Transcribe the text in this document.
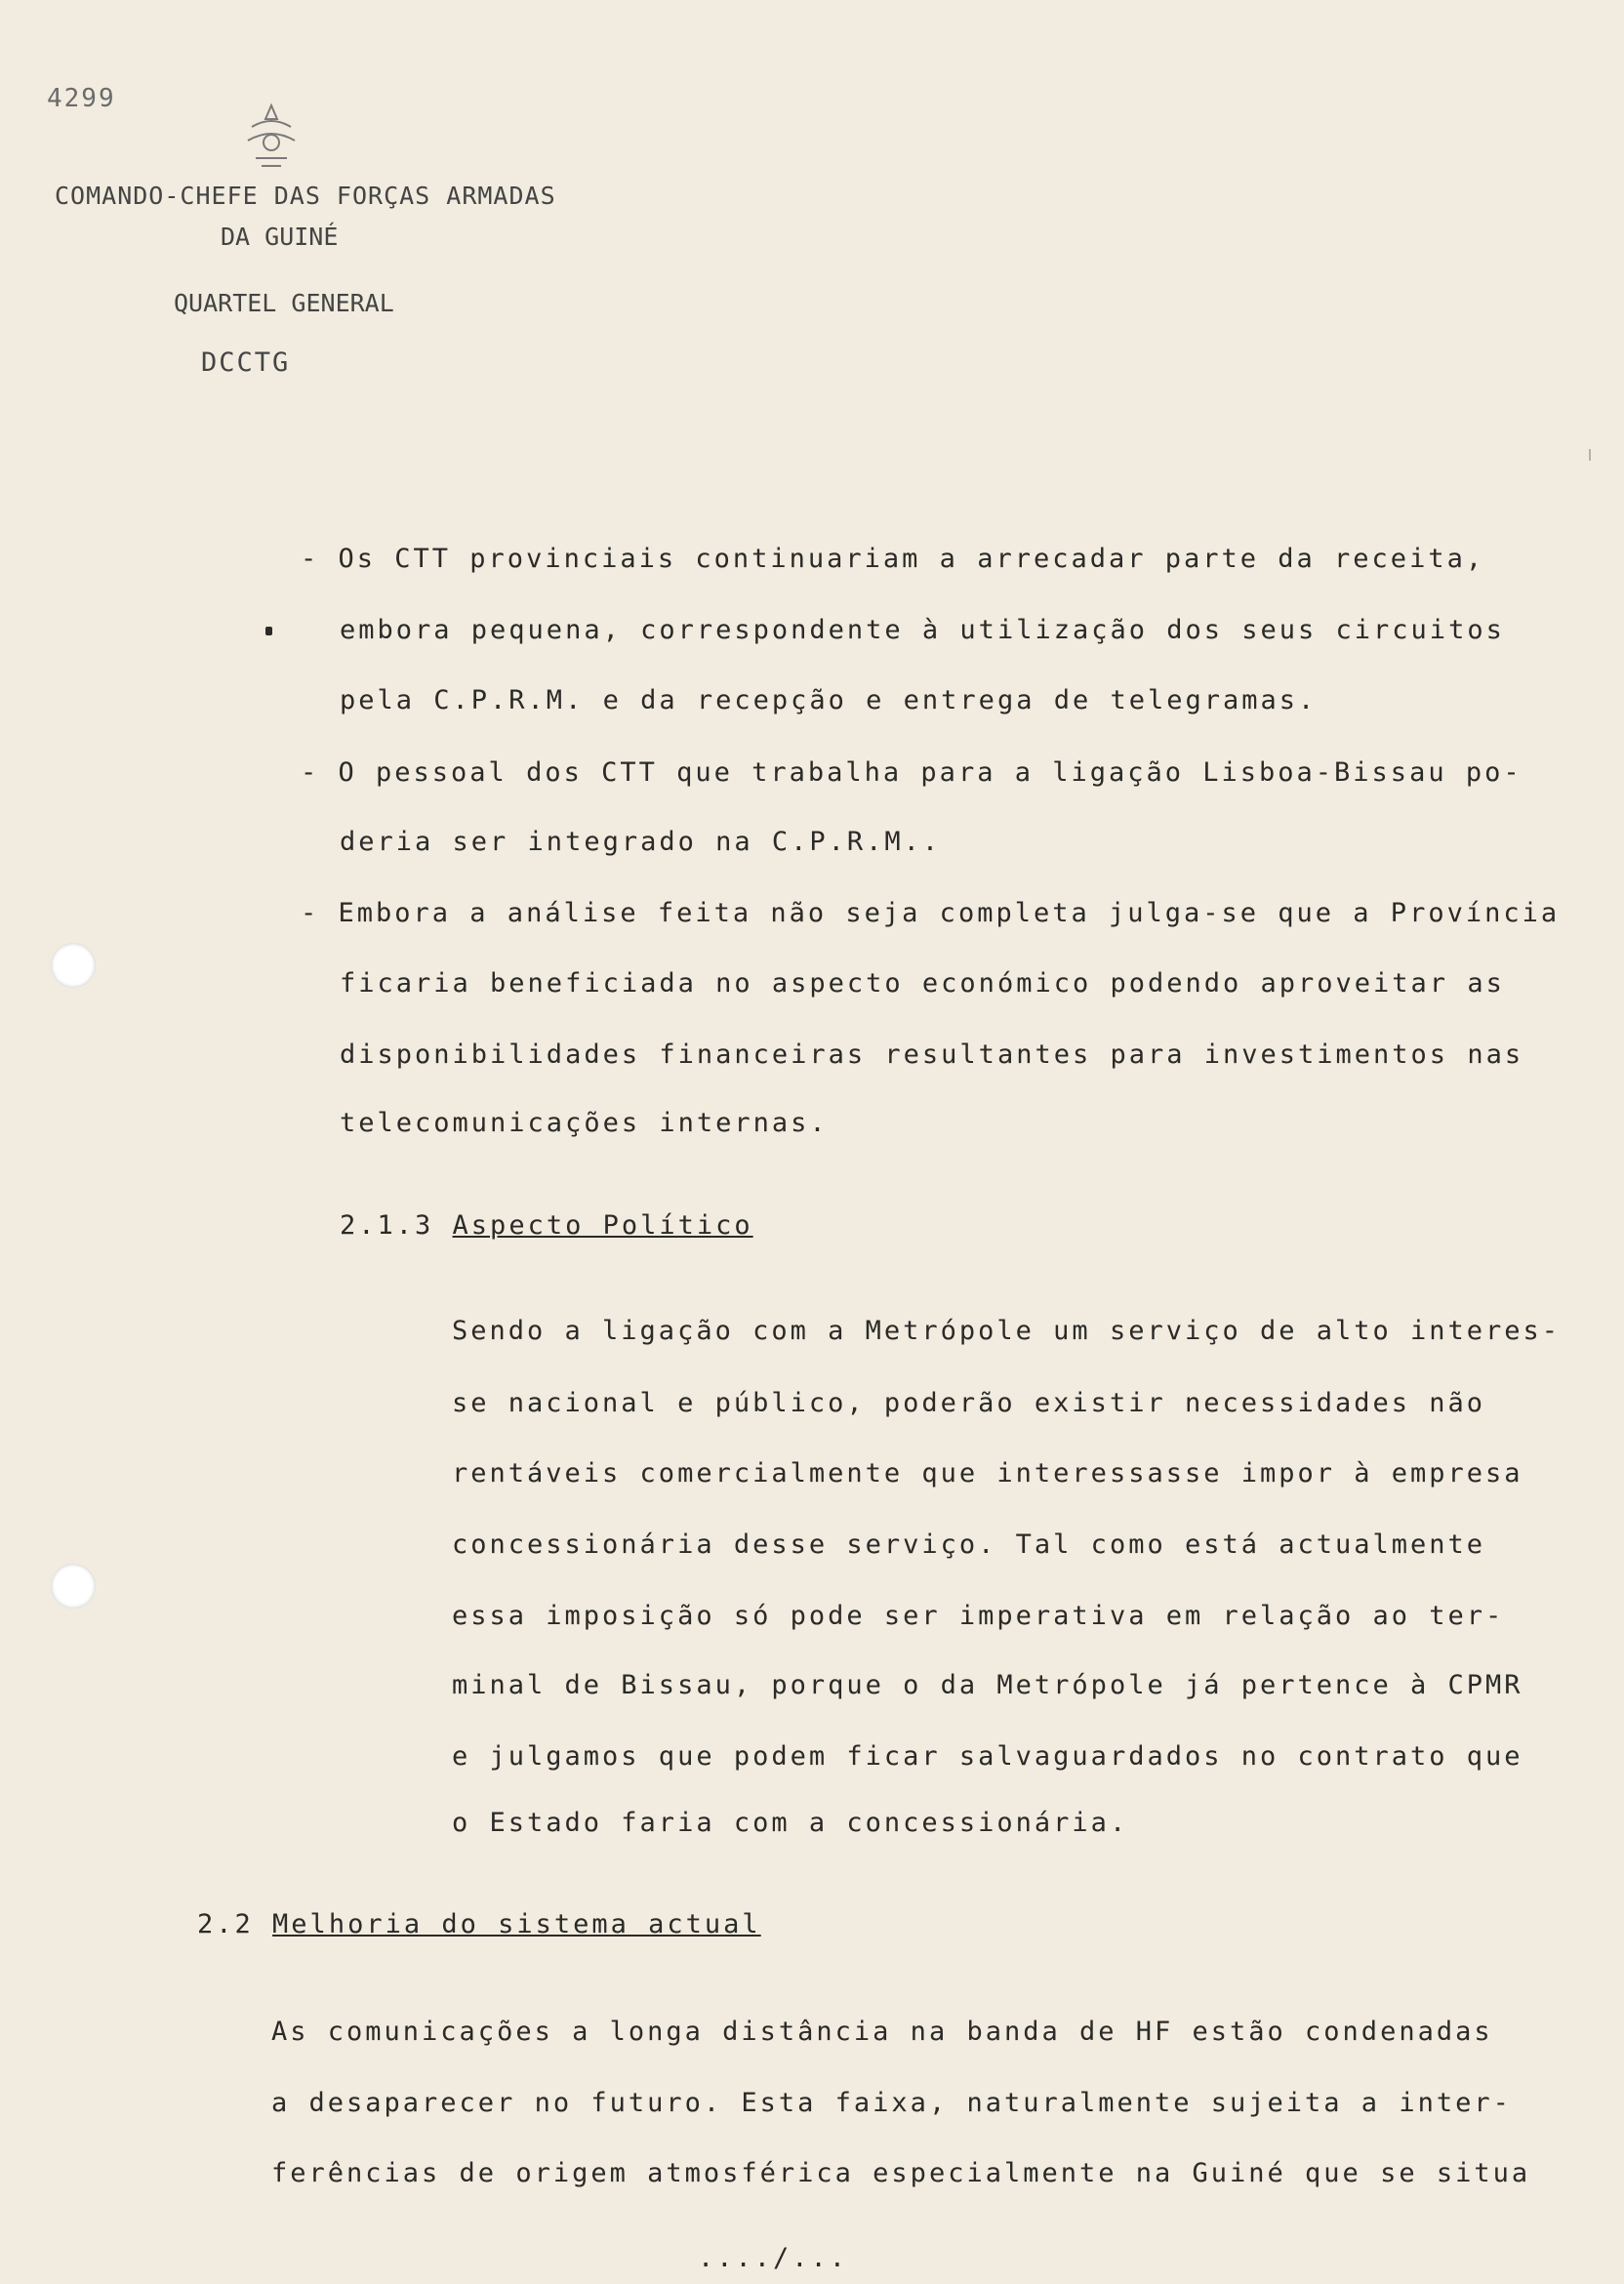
4299
COMANDO-CHEFE DAS FORÇAS ARMADAS
DA GUINÉ
QUARTEL GENERAL
DCCTG
- Os CTT provinciais continuariam a arrecadar parte da receita,
embora pequena, correspondente à utilização dos seus circuitos
pela C.P.R.M. e da recepção e entrega de telegramas.
- O pessoal dos CTT que trabalha para a ligação Lisboa-Bissau po-
deria ser integrado na C.P.R.M..
- Embora a análise feita não seja completa julga-se que a Província
ficaria beneficiada no aspecto económico podendo aproveitar as
disponibilidades financeiras resultantes para investimentos nas
telecomunicações internas.
2.1.3 Aspecto Político
Sendo a ligação com a Metrópole um serviço de alto interes-
se nacional e público, poderão existir necessidades não
rentáveis comercialmente que interessasse impor à empresa
concessionária desse serviço. Tal como está actualmente
essa imposição só pode ser imperativa em relação ao ter-
minal de Bissau, porque o da Metrópole já pertence à CPMR
e julgamos que podem ficar salvaguardados no contrato que
o Estado faria com a concessionária.
2.2 Melhoria do sistema actual
As comunicações a longa distância na banda de HF estão condenadas
a desaparecer no futuro. Esta faixa, naturalmente sujeita a inter-
ferências de origem atmosférica especialmente na Guiné que se situa
..../...
